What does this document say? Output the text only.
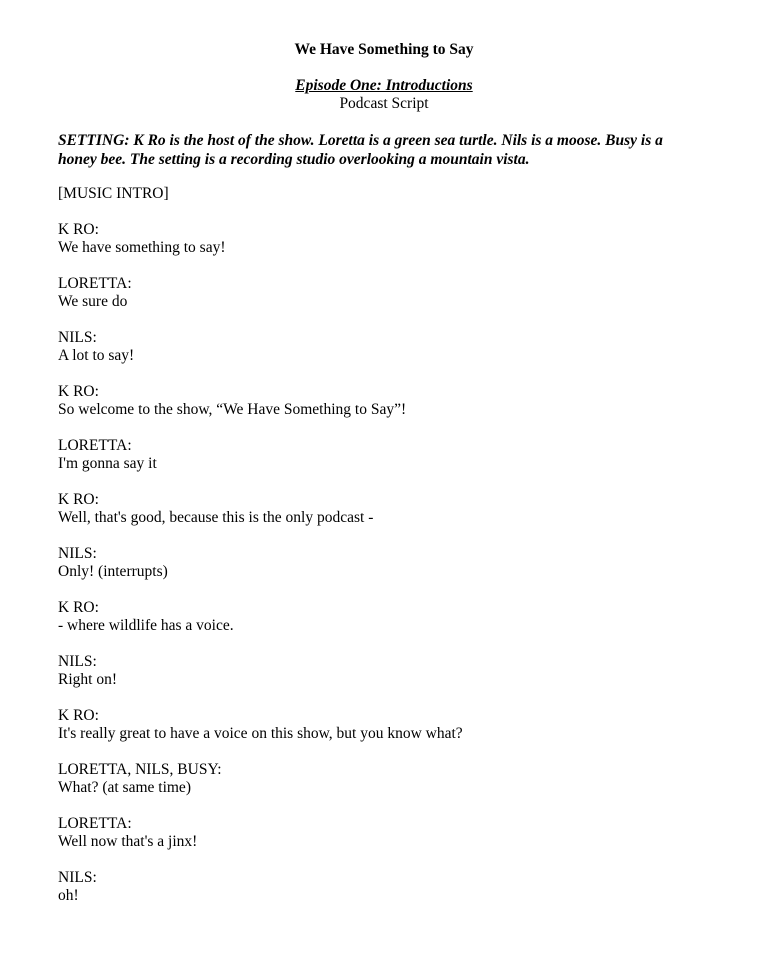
We Have Something to Say
Episode One: Introductions
Podcast Script
SETTING: K Ro is the host of the show. Loretta is a green sea turtle. Nils is a moose. Busy is a honey bee. The setting is a recording studio overlooking a mountain vista.
[MUSIC INTRO]
K RO:
We have something to say!
LORETTA:
We sure do
NILS:
A lot to say!
K RO:
So welcome to the show, “We Have Something to Say”!
LORETTA:
I'm gonna say it
K RO:
Well, that's good, because this is the only podcast -
NILS:
Only! (interrupts)
K RO:
- where wildlife has a voice.
NILS:
Right on!
K RO:
It's really great to have a voice on this show, but you know what?
LORETTA, NILS, BUSY:
What? (at same time)
LORETTA:
Well now that's a jinx!
NILS:
oh!
